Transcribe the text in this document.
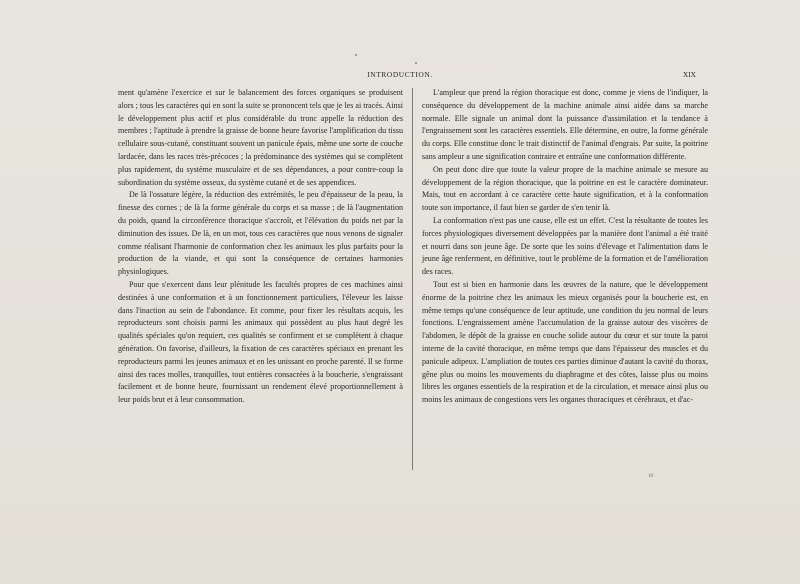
INTRODUCTION.	XIX

ment qu'amène l'exercice et sur le balancement des forces organiques se produisent alors ; tous les caractères qui en sont la suite se prononcent tels que je les ai tracés. Ainsi le développement plus actif et plus considérable du tronc appelle la réduction des membres ; l'aptitude à prendre la graisse de bonne heure favorise l'amplification du tissu cellulaire sous-cutané, constituant souvent un panicule épais, même une sorte de couche lardacée, dans les races très-précoces ; la prédominance des systèmes qui se complètent plus rapidement, du système musculaire et de ses dépendances, a pour contre-coup la subordination du système osseux, du système cutané et de ses appendices.

De là l'ossature légère, la réduction des extrémités, le peu d'épaisseur de la peau, la finesse des cornes ; de là la forme générale du corps et sa masse ; de là l'augmentation du poids, quand la circonférence thoracique s'accroît, et l'élévation du poids net par la diminution des issues. De là, en un mot, tous ces caractères que nous venons de signaler comme réalisant l'harmonie de conformation chez les animaux les plus parfaits pour la production de la viande, et qui sont la conséquence de certaines harmonies physiologiques.

Pour que s'exercent dans leur plénitude les facultés propres de ces machines ainsi destinées à une conformation et à un fonctionnement particuliers, l'éleveur les laisse dans l'inaction au sein de l'abondance. Et comme, pour fixer les résultats acquis, les reproducteurs sont choisis parmi les animaux qui possèdent au plus haut degré les qualités spéciales qu'on requiert, ces qualités se confirment et se complètent à chaque génération. On favorise, d'ailleurs, la fixation de ces caractères spéciaux en prenant les reproducteurs parmi les jeunes animaux et en les unissant en proche parenté. Il se forme ainsi des races molles, tranquilles, tout entières consacrées à la boucherie, s'engraissant facilement et de bonne heure, fournissant un rendement élevé proportionnellement à leur poids brut et à leur consommation.

L'ampleur que prend la région thoracique est donc, comme je viens de l'indiquer, la conséquence du développement de la machine animale ainsi aidée dans sa marche normale. Elle signale un animal dont la puissance d'assimilation et la tendance à l'engraissement sont les caractères essentiels. Elle détermine, en outre, la forme générale du corps. Elle constitue donc le trait distinctif de l'animal d'engrais. Par suite, la poitrine sans ampleur a une signification contraire et entraîne une conformation différente.

On peut donc dire que toute la valeur propre de la machine animale se mesure au développement de la région thoracique, que la poitrine en est le caractère dominateur. Mais, tout en accordant à ce caractère cette haute signification, et à la conformation toute son importance, il faut bien se garder de s'en tenir là.

La conformation n'est pas une cause, elle est un effet. C'est la résultante de toutes les forces physiologiques diversement développées par la manière dont l'animal a été traité et nourri dans son jeune âge. De sorte que les soins d'élevage et l'alimentation dans le jeune âge renferment, en définitive, tout le problème de la formation et de l'amélioration des races.

Tout est si bien en harmonie dans les œuvres de la nature, que le développement énorme de la poitrine chez les animaux les mieux organisés pour la boucherie est, en même temps qu'une conséquence de leur aptitude, une condition du jeu normal de leurs fonctions. L'engraissement amène l'accumulation de la graisse autour des viscères de l'abdomen, le dépôt de la graisse en couche solide autour du cœur et sur toute la paroi interne de la cavité thoracique, en même temps que dans l'épaisseur des muscles et du panicule adipeux. L'ampliation de toutes ces parties diminue d'autant la cavité du thorax, gêne plus ou moins les mouvements du diaphragme et des côtes, laisse plus ou moins libres les organes essentiels de la respiration et de la circulation, et menace ainsi plus ou moins les animaux de congestions vers les organes thoraciques et cérébraux, et d'ac-

10
